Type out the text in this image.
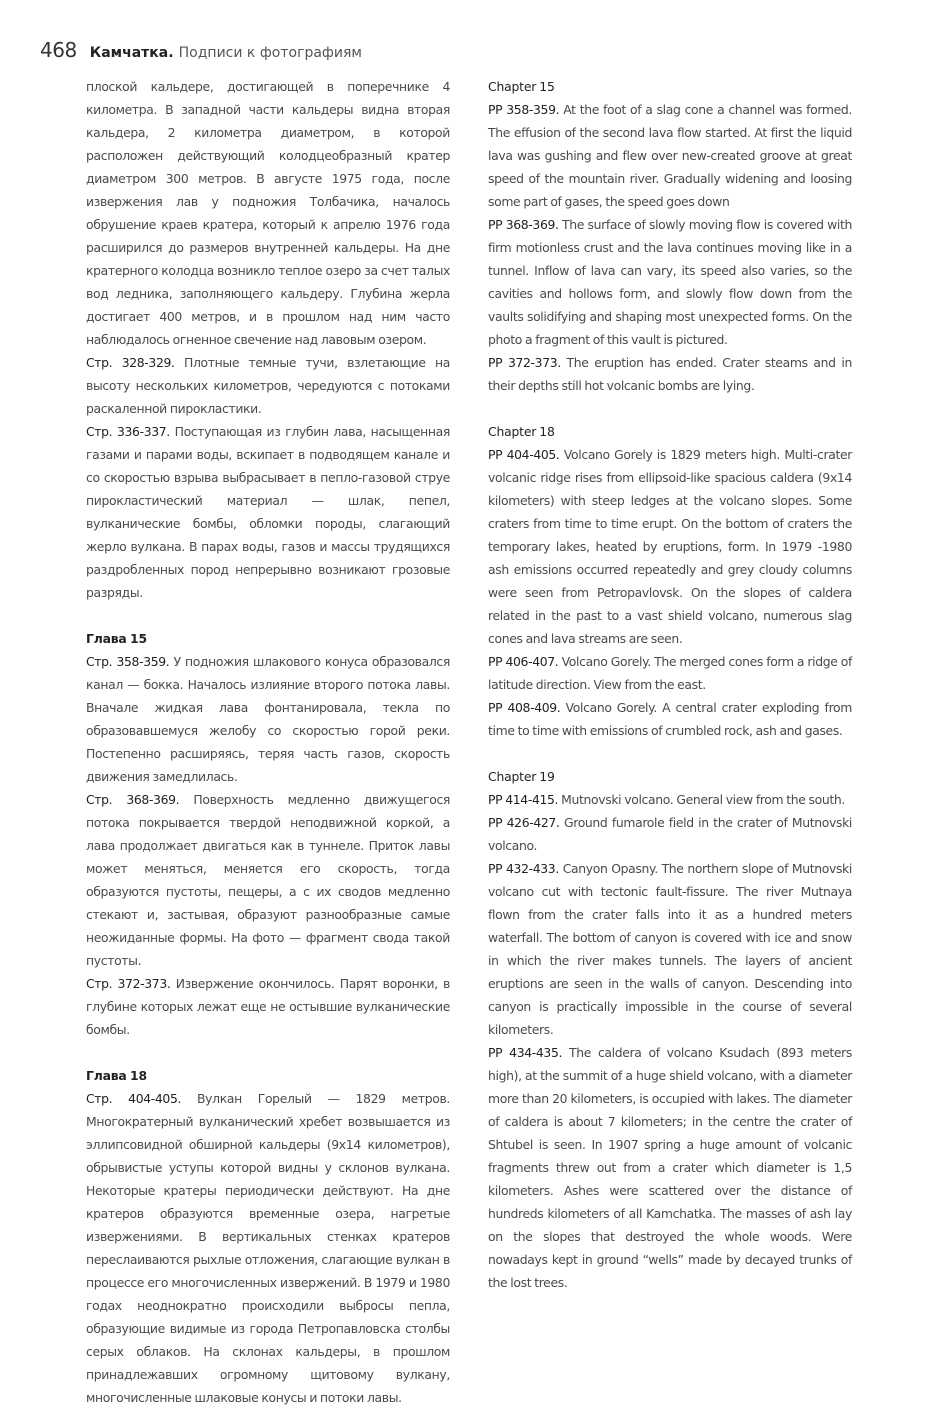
468 Камчатка. Подписи к фотографиям

плоской кальдере, достигающей в поперечнике 4 километра. В западной части кальдеры видна вторая кальдера, 2 километра диаметром, в которой расположен действующий колодцеобразный кратер диаметром 300 метров. В августе 1975 года, после извержения лав у подножия Толбачика, началось обрушение краев кратера, который к апрелю 1976 года расширился до размеров внутренней кальдеры. На дне кратерного колодца возникло теплое озеро за счет талых вод ледника, заполняющего кальдеру. Глубина жерла достигает 400 метров, и в прошлом над ним часто наблюдалось огненное свечение над лавовым озером.

Стр. 328-329. Плотные темные тучи, взлетающие на высоту нескольких километров, чередуются с потоками раскаленной пирокластики.

Стр. 336-337. Поступающая из глубин лава, насыщенная газами и парами воды, вскипает в подводящем канале и со скоростью взрыва выбрасывает в пепло-газовой струе пирокластический материал — шлак, пепел, вулканические бомбы, обломки породы, слагающий жерло вулкана. В парах воды, газов и массы трудящихся раздробленных пород непрерывно возникают грозовые разряды.

Глава 15

Стр. 358-359. У подножия шлакового конуса образовался канал — бокка. Началось излияние второго потока лавы. Вначале жидкая лава фонтанировала, текла по образовавшемуся желобу со скоростью горой реки. Постепенно расширяясь, теряя часть газов, скорость движения замедлилась.

Стр. 368-369. Поверхность медленно движущегося потока покрывается твердой неподвижной коркой, а лава продолжает двигаться как в туннеле. Приток лавы может меняться, меняется его скорость, тогда образуются пустоты, пещеры, а с их сводов медленно стекают и, застывая, образуют разнообразные самые неожиданные формы. На фото — фрагмент свода такой пустоты.

Стр. 372-373. Извержение окончилось. Парят воронки, в глубине которых лежат еще не остывшие вулканические бомбы.

Глава 18

Стр. 404-405. Вулкан Горелый — 1829 метров. Многократерный вулканический хребет возвышается из эллипсовидной обширной кальдеры (9х14 километров), обрывистые уступы которой видны у склонов вулкана. Некоторые кратеры периодически действуют. На дне кратеров образуются временные озера, нагретые извержениями. В вертикальных стенках кратеров переслаиваются рыхлые отложения, слагающие вулкан в процессе его многочисленных извержений. В 1979 и 1980 годах неоднократно происходили выбросы пепла, образующие видимые из города Петропавловска столбы серых облаков. На склонах кальдеры, в прошлом принадлежавших огромному щитовому вулкану, многочисленные шлаковые конусы и потоки лавы.

Chapter 15

PP 358-359. At the foot of a slag cone a channel was formed. The effusion of the second lava flow started. At first the liquid lava was gushing and flew over new-created groove at great speed of the mountain river. Gradually widening and loosing some part of gases, the speed goes down

PP 368-369. The surface of slowly moving flow is covered with firm motionless crust and the lava continues moving like in a tunnel. Inflow of lava can vary, its speed also varies, so the cavities and hollows form, and slowly flow down from the vaults solidifying and shaping most unexpected forms. On the photo a fragment of this vault is pictured.

PP 372-373. The eruption has ended. Crater steams and in their depths still hot volcanic bombs are lying.

Chapter 18

PP 404-405. Volcano Gorely is 1829 meters high. Multi-crater volcanic ridge rises from ellipsoid-like spacious caldera (9x14 kilometers) with steep ledges at the volcano slopes. Some craters from time to time erupt. On the bottom of craters the temporary lakes, heated by eruptions, form. In 1979 -1980 ash emissions occurred repeatedly and grey cloudy columns were seen from Petropavlovsk. On the slopes of caldera related in the past to a vast shield volcano, numerous slag cones and lava streams are seen.

PP 406-407. Volcano Gorely. The merged cones form a ridge of latitude direction. View from the east.

PP 408-409. Volcano Gorely. A central crater exploding from time to time with emissions of crumbled rock, ash and gases.

Chapter 19

PP 414-415. Mutnovski volcano. General view from the south.

PP 426-427. Ground fumarole field in the crater of Mutnovski volcano.

PP 432-433. Canyon Opasny. The northern slope of Mutnovski volcano cut with tectonic fault-fissure. The river Mutnaya flown from the crater falls into it as a hundred meters waterfall. The bottom of canyon is covered with ice and snow in which the river makes tunnels. The layers of ancient eruptions are seen in the walls of canyon. Descending into canyon is practically impossible in the course of several kilometers.

PP 434-435. The caldera of volcano Ksudach (893 meters high), at the summit of a huge shield volcano, with a diameter more than 20 kilometers, is occupied with lakes. The diameter of caldera is about 7 kilometers; in the centre the crater of Shtubel is seen. In 1907 spring a huge amount of volcanic fragments threw out from a crater which diameter is 1,5 kilometers. Ashes were scattered over the distance of hundreds kilometers of all Kamchatka. The masses of ash lay on the slopes that destroyed the whole woods. Were nowadays kept in ground “wells” made by decayed trunks of the lost trees.
